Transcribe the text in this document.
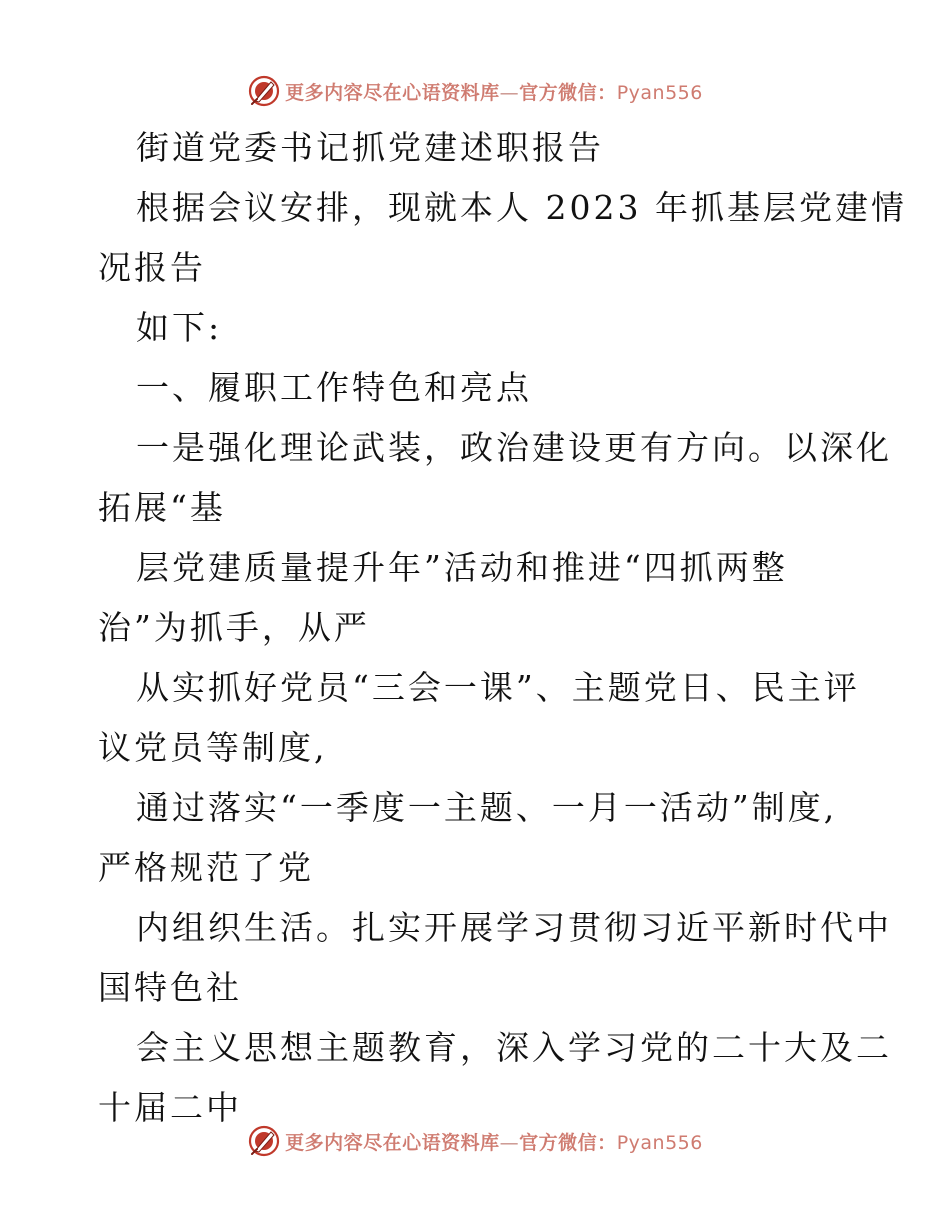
更多内容尽在心语资料库—官方微信：Pyan556
街道党委书记抓党建述职报告
根据会议安排，现就本人 2023 年抓基层党建情
况报告
如下:
一、履职工作特色和亮点
一是强化理论武装，政治建设更有方向。以深化
拓展“基
层党建质量提升年”活动和推进“四抓两整
治”为抓手，从严
从实抓好党员“三会一课”、主题党日、民主评
议党员等制度,
通过落实“一季度一主题、一月一活动”制度,
严格规范了党
内组织生活。扎实开展学习贯彻习近平新时代中
国特色社
会主义思想主题教育，深入学习党的二十大及二
十届二中
更多内容尽在心语资料库—官方微信：Pyan556
